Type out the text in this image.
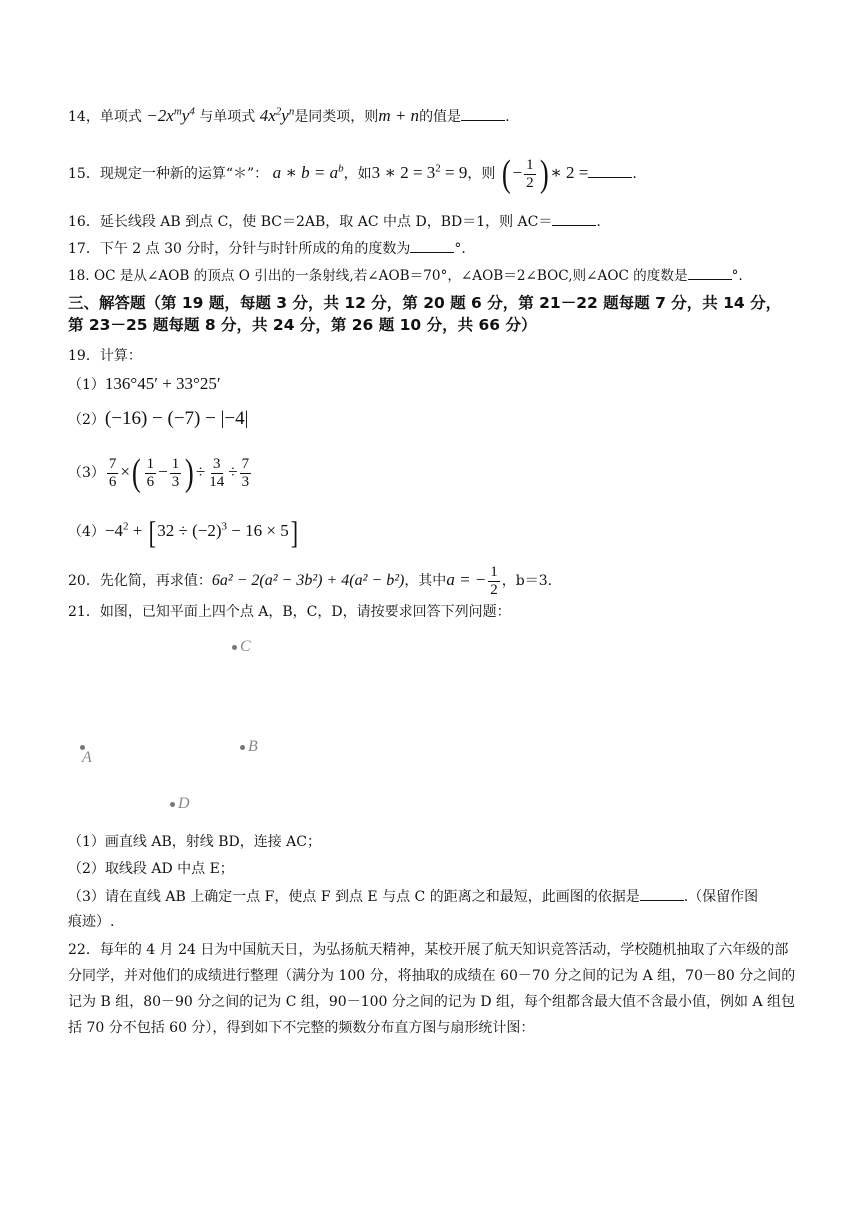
14，单项式 $-2x^my^4$ 与单项式 $4x^2y^n$是同类项，则m + n的值是	.
15．现规定一种新的运算“＊”： a ∗ $b = a^b$，如3 ∗ $2 = 3^2 = 9$，则 ( − $\frac{1}{2}$ ) ∗ 2 =	.
16．延长线段 AB 到点 C，使 BC＝2AB，取 AC 中点 D，BD＝1，则 AC＝	.
17．下午 2 点 30 分时，分针与时针所成的角的度数为	°.
18. OC 是从∠AOB 的顶点 O 引出的一条射线,若∠AOB＝70°，∠AOB＝2∠BOC,则∠AOC 的度数是	°.
三、解答题（第 19 题，每题 3 分，共 12 分，第 20 题 6 分，第 21－22 题每题 7 分，共 14 分，
第 23－25 题每题 8 分，共 24 分，第 26 题 10 分，共 66 分）
19．计算：
（1）136°45′ + 33°25′
（2）(−16) − (−7) − |−4|
$(3) \frac{7}{6}$ ×( $\frac{1}{6} - \frac{1}{3}$ ) ÷ $\frac{3}{14} \div \frac{7}{3}$
$(4)-4^2 + [32 \div (-2)^3 - 16 \times 5]$
20．先化简，再求值：6a² − 2(a² − 3b²) + 4(a² − b²)，其中a = − $\frac{1}{2}$ ，b＝3.
21．如图，已知平面上四个点 A，B，C，D，请按要求回答下列问题：
C
A
B
D
（1）画直线 AB，射线 BD，连接 AC；
（2）取线段 AD 中点 E；
（3）请在直线 AB 上确定一点 F，使点 F 到点 E 与点 C 的距离之和最短，此画图的依据是	.（保留作图
痕迹）.
22．每年的 4 月 24 日为中国航天日，为弘扬航天精神，某校开展了航天知识竞答活动，学校随机抽取了六年级的部分同学，并对他们的成绩进行整理（满分为 100 分，将抽取的成绩在 60－70 分之间的记为 A 组，70－80 分之间的记为 B 组，80－90 分之间的记为 C 组，90－100 分之间的记为 D 组，每个组都含最大值不含最小值，例如 A 组包括 70 分不包括 60 分），得到如下不完整的频数分布直方图与扇形统计图：
